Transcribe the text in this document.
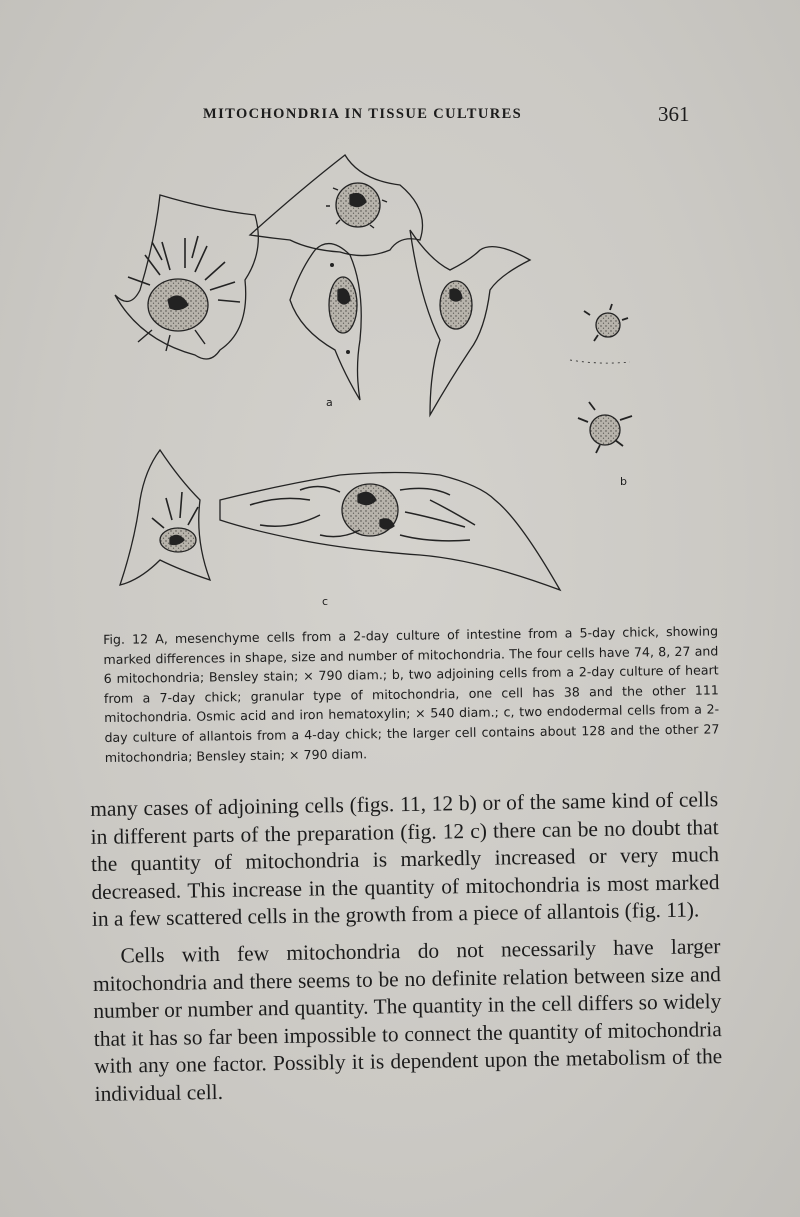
MITOCHONDRIA IN TISSUE CULTURES	361
a
b
c

Fig. 12 A, mesenchyme cells from a 2-day culture of intestine from a 5-day chick, showing marked differences in shape, size and number of mitochondria. The four cells have 74, 8, 27 and 6 mitochondria; Bensley stain; × 790 diam.; b, two adjoining cells from a 2-day culture of heart from a 7-day chick; granular type of mitochondria, one cell has 38 and the other 111 mitochondria. Osmic acid and iron hematoxylin; × 540 diam.; c, two endodermal cells from a 2-day culture of allantois from a 4-day chick; the larger cell contains about 128 and the other 27 mitochondria; Bensley stain; × 790 diam.

many cases of adjoining cells (figs. 11, 12 b) or of the same kind of cells in different parts of the preparation (fig. 12 c) there can be no doubt that the quantity of mitochondria is markedly increased or very much decreased. This increase in the quantity of mitochondria is most marked in a few scattered cells in the growth from a piece of allantois (fig. 11).

Cells with few mitochondria do not necessarily have larger mitochondria and there seems to be no definite relation between size and number or number and quantity. The quantity in the cell differs so widely that it has so far been impossible to connect the quantity of mitochondria with any one factor. Possibly it is dependent upon the metabolism of the individual cell.
